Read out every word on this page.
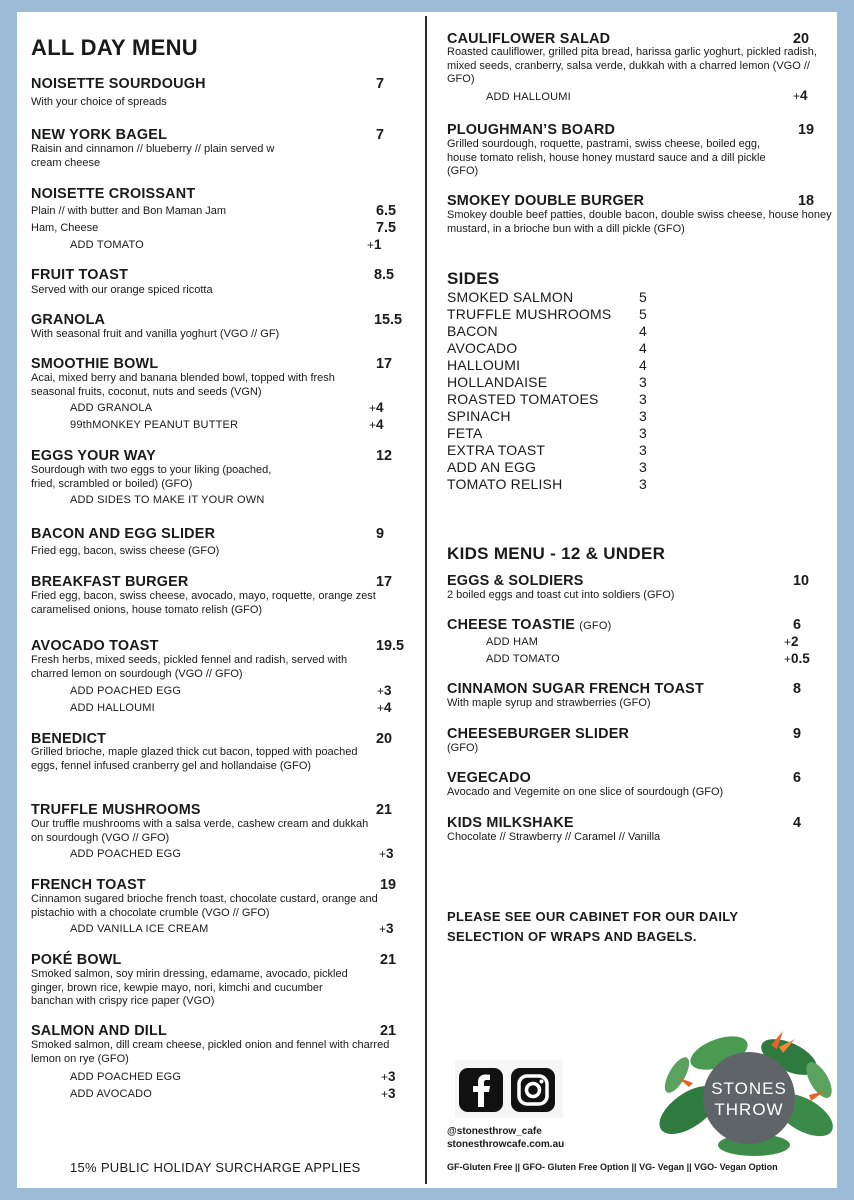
ALL DAY MENU
NOISETTE SOURDOUGH	7
With your choice of spreads
NEW YORK BAGEL	7
Raisin and cinnamon // blueberry // plain served w cream cheese
NOISETTE CROISSANT
Plain // with butter and Bon Maman Jam	6.5
Ham, Cheese	7.5
ADD TOMATO	+1
FRUIT TOAST	8.5
Served with our orange spiced ricotta
GRANOLA	15.5
With seasonal fruit and vanilla yoghurt (VGO // GF)
SMOOTHIE BOWL	17
Acai, mixed berry and banana blended bowl, topped with fresh seasonal fruits, coconut, nuts and seeds (VGN)
ADD GRANOLA	+4
99thMONKEY PEANUT BUTTER	+4
EGGS YOUR WAY	12
Sourdough with two eggs to your liking (poached, fried, scrambled or boiled) (GFO)
ADD SIDES TO MAKE IT YOUR OWN
BACON AND EGG SLIDER	9
Fried egg, bacon, swiss cheese (GFO)
BREAKFAST BURGER	17
Fried egg, bacon, swiss cheese, avocado, mayo, roquette, orange zest caramelised onions, house tomato relish (GFO)
AVOCADO TOAST	19.5
Fresh herbs, mixed seeds, pickled fennel and radish, served with charred lemon on sourdough (VGO // GFO)
ADD POACHED EGG	+3
ADD HALLOUMI	+4
BENEDICT	20
Grilled brioche, maple glazed thick cut bacon, topped with poached eggs, fennel infused cranberry gel and hollandaise (GFO)
TRUFFLE MUSHROOMS	21
Our truffle mushrooms with a salsa verde, cashew cream and dukkah on sourdough (VGO // GFO)
ADD POACHED EGG	+3
FRENCH TOAST	19
Cinnamon sugared brioche french toast, chocolate custard, orange and pistachio with a chocolate crumble (VGO // GFO)
ADD VANILLA ICE CREAM	+3
POKÉ BOWL	21
Smoked salmon, soy mirin dressing, edamame, avocado, pickled ginger, brown rice, kewpie mayo, nori, kimchi and cucumber banchan with crispy rice paper (VGO)
SALMON AND DILL	21
Smoked salmon, dill cream cheese, pickled onion and fennel with charred lemon on rye (GFO)
ADD POACHED EGG	+3
ADD AVOCADO	+3
15% PUBLIC HOLIDAY SURCHARGE APPLIES
CAULIFLOWER SALAD	20
Roasted cauliflower, grilled pita bread, harissa garlic yoghurt, pickled radish, mixed seeds, cranberry, salsa verde, dukkah with a charred lemon (VGO // GFO)
ADD HALLOUMI	+4
PLOUGHMAN’S BOARD	19
Grilled sourdough, roquette, pastrami, swiss cheese, boiled egg, house tomato relish, house honey mustard sauce and a dill pickle (GFO)
SMOKEY DOUBLE BURGER	18
Smokey double beef patties, double bacon, double swiss cheese, house honey mustard, in a brioche bun with a dill pickle (GFO)
SIDES
SMOKED SALMON	5
TRUFFLE MUSHROOMS 5
BACON	4
AVOCADO	4
HALLOUMI	4
HOLLANDAISE	3
ROASTED TOMATOES	3
SPINACH	3
FETA	3
EXTRA TOAST	3
ADD AN EGG	3
TOMATO RELISH	3
KIDS MENU - 12 & UNDER
EGGS & SOLDIERS	10
2 boiled eggs and toast cut into soldiers (GFO)
CHEESE TOASTIE (GFO)	6
ADD HAM	+2
ADD TOMATO	+0.5
CINNAMON SUGAR FRENCH TOAST	8
With maple syrup and strawberries (GFO)
CHEESEBURGER SLIDER	9
(GFO)
VEGECADO	6
Avocado and Vegemite on one slice of sourdough (GFO)
KIDS MILKSHAKE	4
Chocolate // Strawberry // Caramel // Vanilla
PLEASE SEE OUR CABINET FOR OUR DAILY SELECTION OF WRAPS AND BAGELS.
@stonesthrow_cafe
stonesthrowcafe.com.au
STONES
THROW
GF-Gluten Free || GFO- Gluten Free Option || VG- Vegan || VGO- Vegan Option
